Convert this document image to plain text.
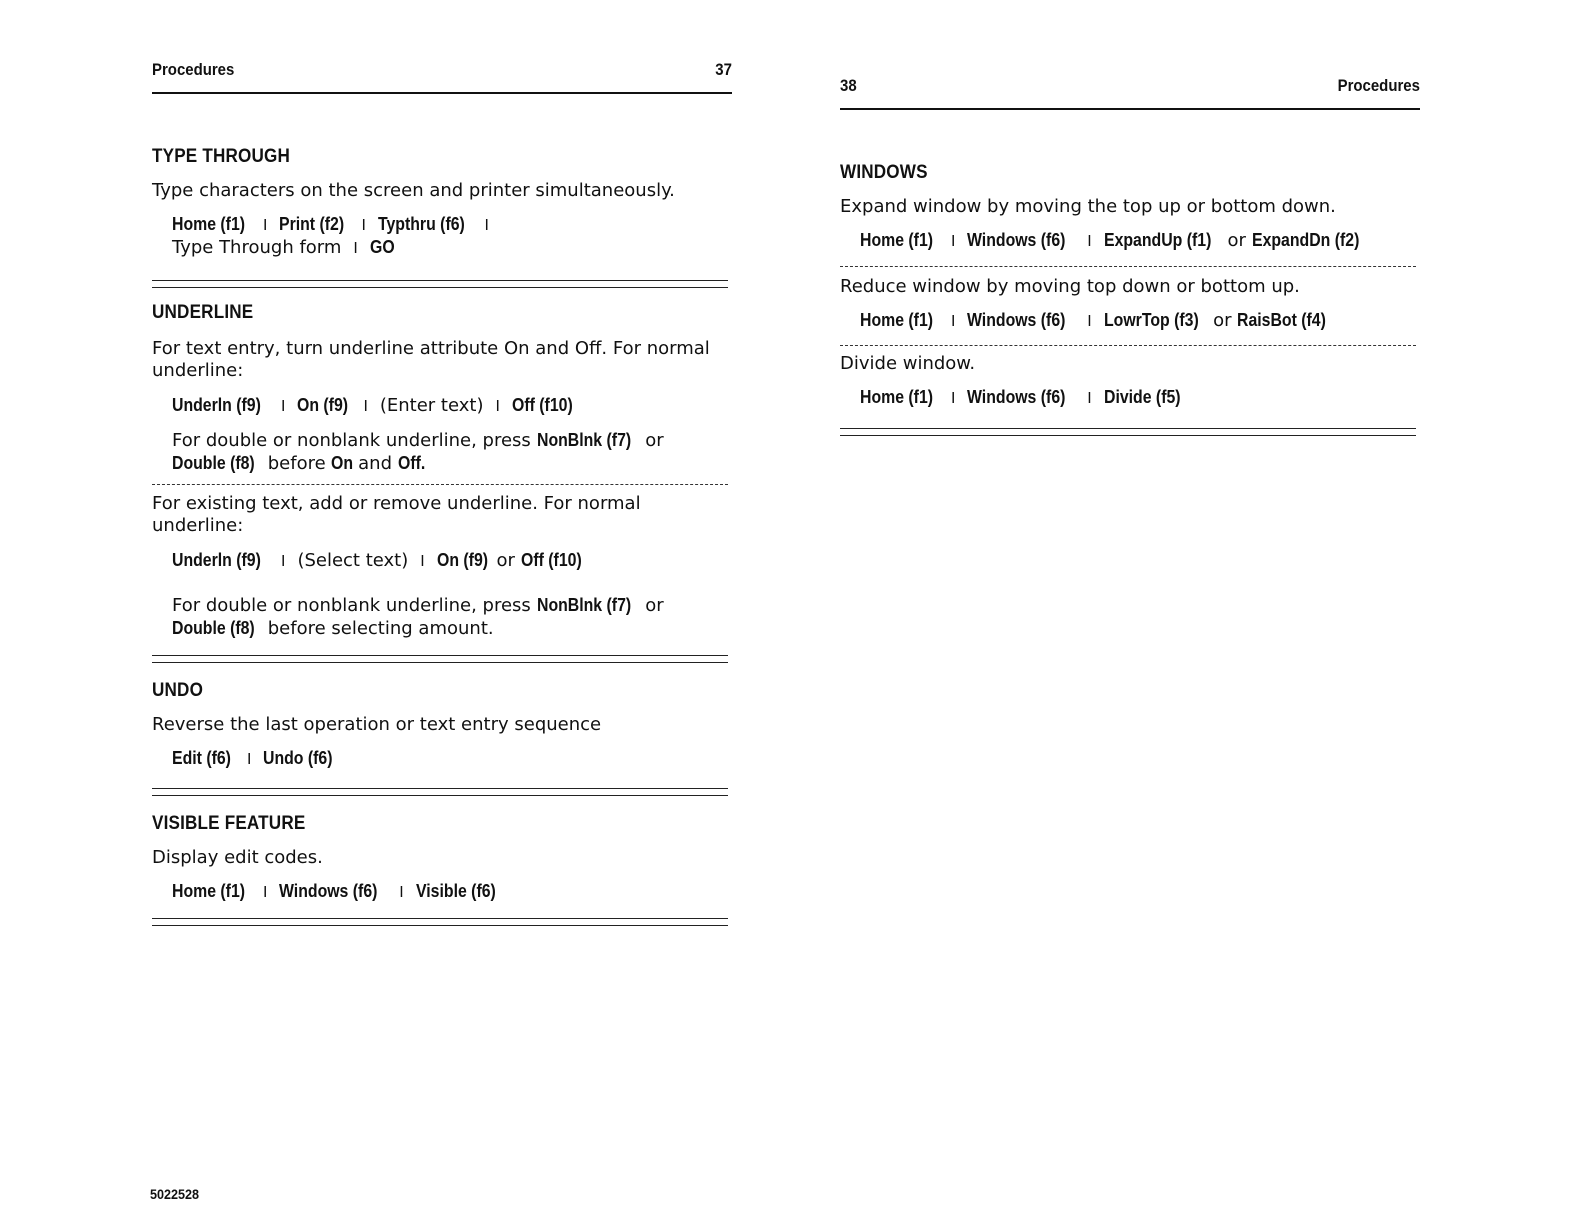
Procedures	37
TYPE THROUGH
Type characters on the screen and printer simultaneously.
Home (f1) I Print (f2) I Typthru (f6) I
Type Through form I GO
UNDERLINE
For text entry, turn underline attribute On and Off. For normal underline:
Underln (f9) I On (f9) I (Enter text) I Off (f10)
For double or nonblank underline, press NonBlnk (f7) or
Double (f8) before On and Off.
For existing text, add or remove underline. For normal underline:
Underln (f9) I (Select text) I On (f9) or Off (f10)
For double or nonblank underline, press NonBlnk (f7) or
Double (f8) before selecting amount.
UNDO
Reverse the last operation or text entry sequence
Edit (f6) I Undo (f6)
VISIBLE FEATURE
Display edit codes.
Home (f1) I Windows (f6) I Visible (f6)
5022528
38	Procedures
WINDOWS
Expand window by moving the top up or bottom down.
Home (f1) I Windows (f6) I ExpandUp (f1) or ExpandDn (f2)
Reduce window by moving top down or bottom up.
Home (f1) I Windows (f6) I LowrTop (f3) or RaisBot (f4)
Divide window.
Home (f1) I Windows (f6) I Divide (f5)
